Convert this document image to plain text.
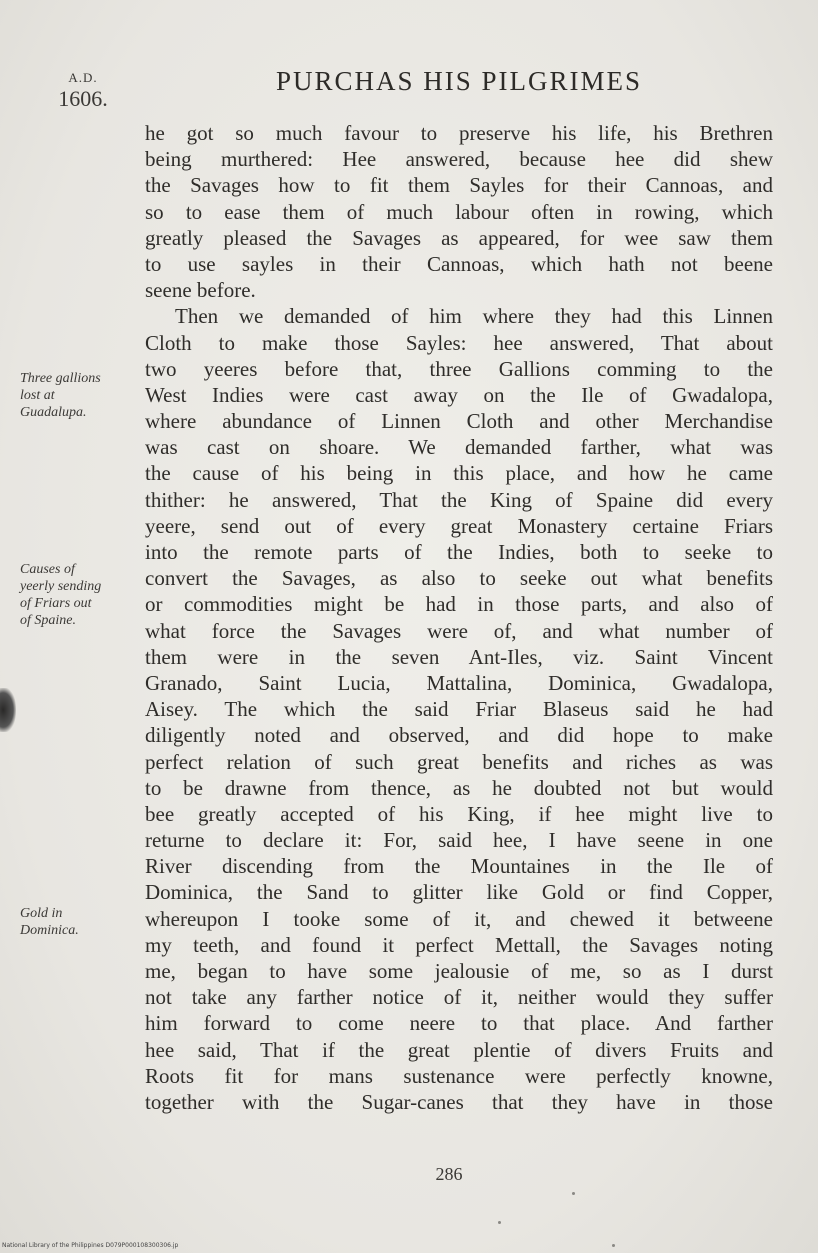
A.D.
1606.
PURCHAS HIS PILGRIMES
he got so much favour to preserve his life, his Brethren
being murthered: Hee answered, because hee did shew
the Savages how to fit them Sayles for their Cannoas, and
so to ease them of much labour often in rowing, which
greatly pleased the Savages as appeared, for wee saw them
to use sayles in their Cannoas, which hath not beene
seene before.
Then we demanded of him where they had this Linnen
Cloth to make those Sayles: hee answered, That about
two yeeres before that, three Gallions comming to the
West Indies were cast away on the Ile of Gwadalopa,
where abundance of Linnen Cloth and other Merchandise
was cast on shoare. We demanded farther, what was
the cause of his being in this place, and how he came
thither: he answered, That the King of Spaine did every
yeere, send out of every great Monastery certaine Friars
into the remote parts of the Indies, both to seeke to
convert the Savages, as also to seeke out what benefits
or commodities might be had in those parts, and also of
what force the Savages were of, and what number of
them were in the seven Ant-Iles, viz. Saint Vincent
Granado, Saint Lucia, Mattalina, Dominica, Gwadalopa,
Aisey. The which the said Friar Blaseus said he had
diligently noted and observed, and did hope to make
perfect relation of such great benefits and riches as was
to be drawne from thence, as he doubted not but would
bee greatly accepted of his King, if hee might live to
returne to declare it: For, said hee, I have seene in one
River discending from the Mountaines in the Ile of
Dominica, the Sand to glitter like Gold or find Copper,
whereupon I tooke some of it, and chewed it betweene
my teeth, and found it perfect Mettall, the Savages noting
me, began to have some jealousie of me, so as I durst
not take any farther notice of it, neither would they suffer
him forward to come neere to that place. And farther
hee said, That if the great plentie of divers Fruits and
Roots fit for mans sustenance were perfectly knowne,
together with the Sugar-canes that they have in those
Three gallions
lost at
Guadalupa.
Causes of
yeerly sending
of Friars out
of Spaine.
Gold in
Dominica.
286
National Library of the Philippines D079P000108300306.jp
